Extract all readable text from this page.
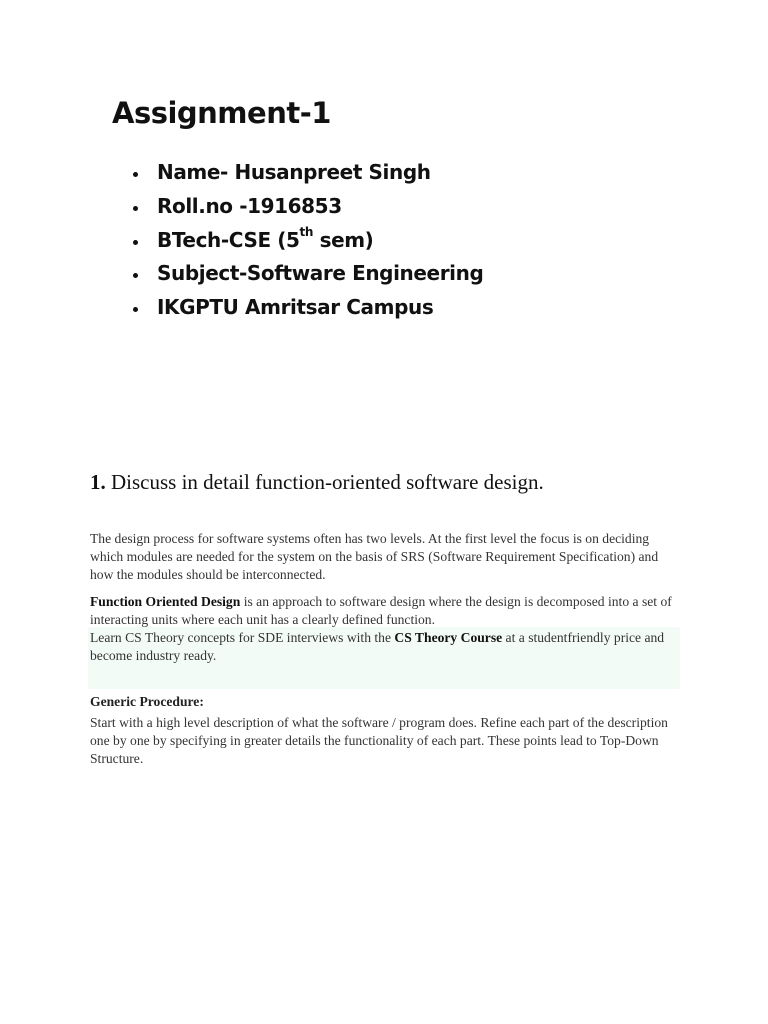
Assignment-1
Name- Husanpreet Singh
Roll.no -1916853
BTech-CSE (5th sem)
Subject-Software Engineering
IKGPTU Amritsar Campus
1. Discuss in detail function-oriented software design.

The design process for software systems often has two levels. At the first level the focus is on deciding which modules are needed for the system on the basis of SRS (Software Requirement Specification) and how the modules should be interconnected.

Function Oriented Design is an approach to software design where the design is decomposed into a set of interacting units where each unit has a clearly defined function.

Learn CS Theory concepts for SDE interviews with the CS Theory Course at a studentfriendly price and become industry ready.

Generic Procedure:

Start with a high level description of what the software / program does. Refine each part of the description one by one by specifying in greater details the functionality of each part. These points lead to Top-Down Structure.
